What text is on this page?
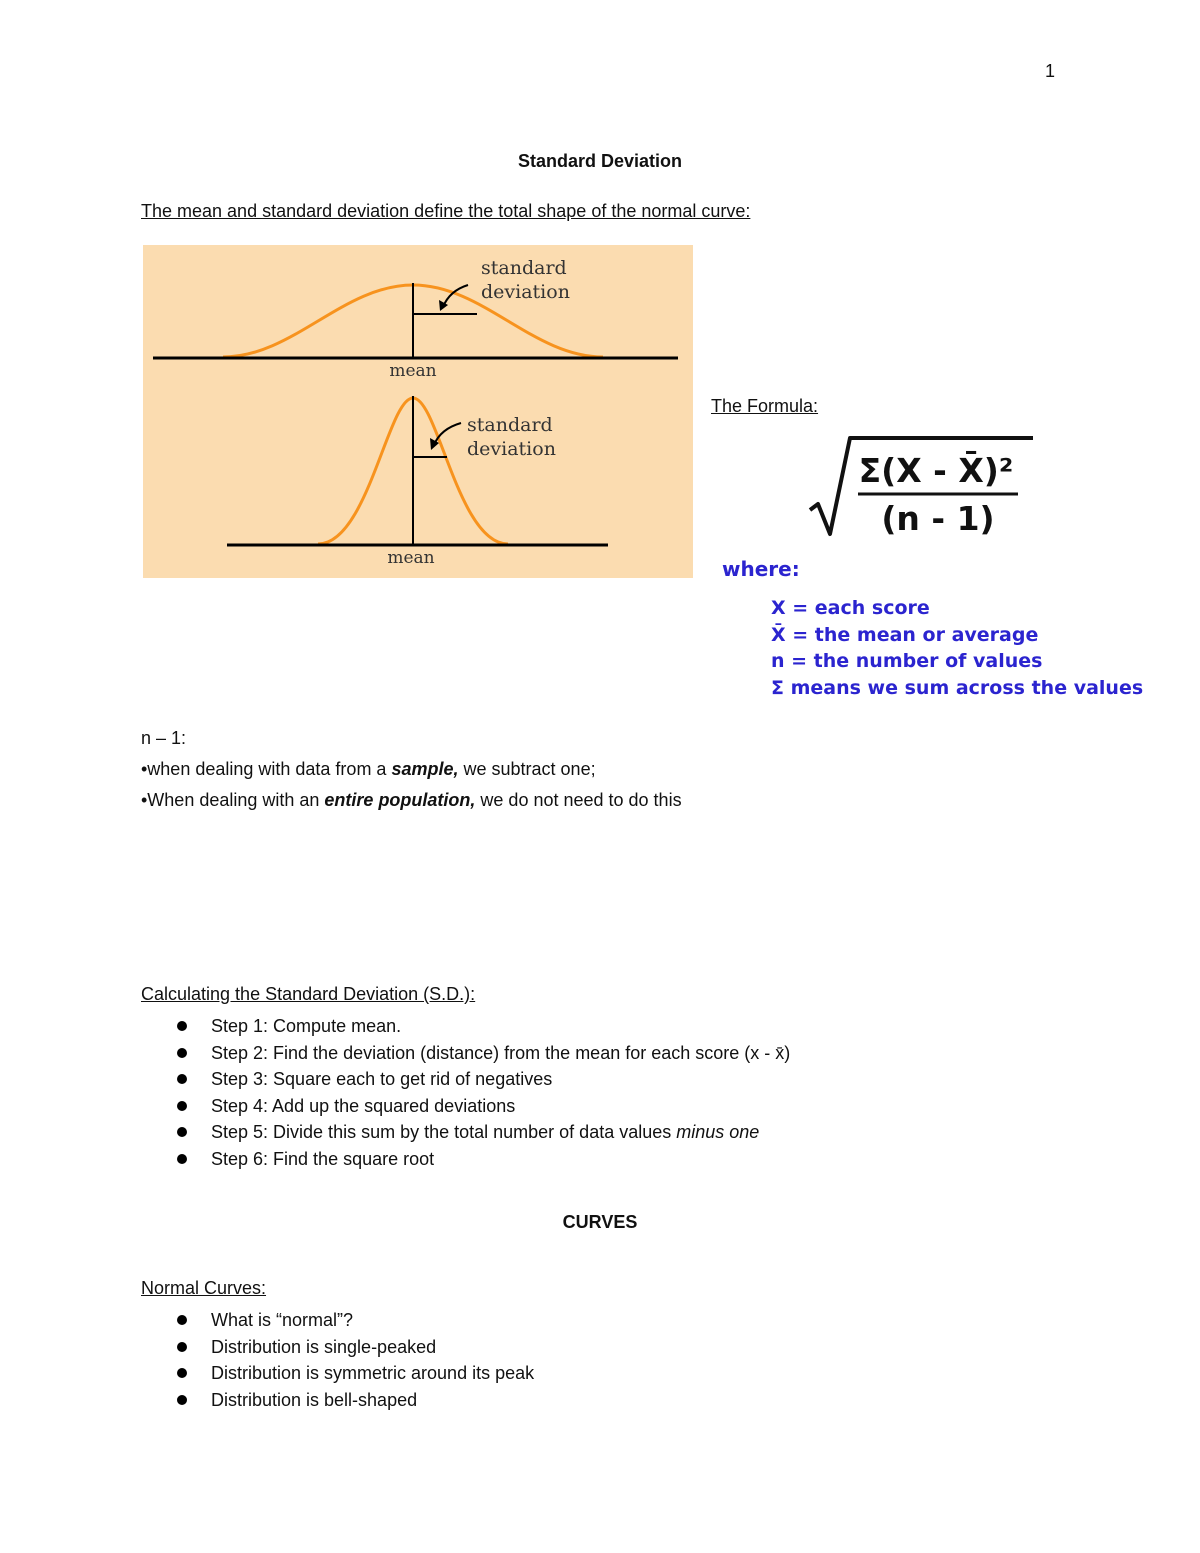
1
Standard Deviation
The mean and standard deviation define the total shape of the normal curve:
standard
deviation
mean
standard
deviation
mean
The Formula:
Σ(X - X̄)²
(n - 1)
where:
X = each score
X̄ = the mean or average
n = the number of values
Σ means we sum across the values
n – 1:
•when dealing with data from a sample, we subtract one;
•When dealing with an entire population, we do not need to do this
Calculating the Standard Deviation (S.D.):
Step 1: Compute mean.
Step 2: Find the deviation (distance) from the mean for each score (x - x̄)
Step 3: Square each to get rid of negatives
Step 4: Add up the squared deviations
Step 5: Divide this sum by the total number of data values minus one
Step 6: Find the square root
CURVES
Normal Curves:
What is “normal”?
Distribution is single-peaked
Distribution is symmetric around its peak
Distribution is bell-shaped
